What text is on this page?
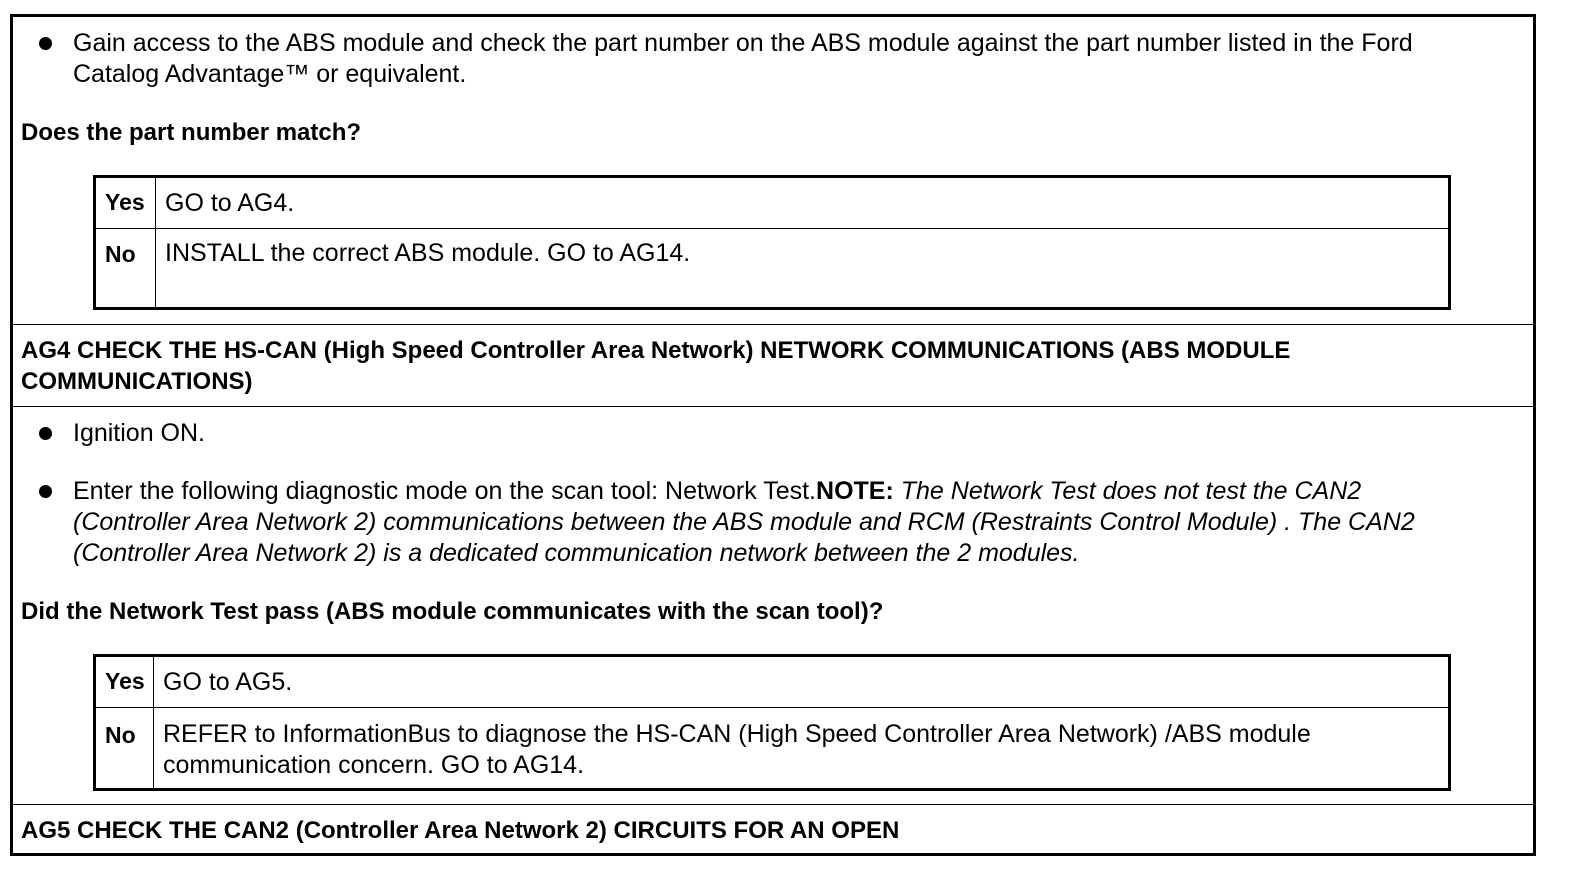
Gain access to the ABS module and check the part number on the ABS module against the part number listed in the Ford
Catalog Advantage™ or equivalent.
Does the part number match?
Yes GO to AG4.
No INSTALL the correct ABS module. GO to AG14.
AG4 CHECK THE HS-CAN (High Speed Controller Area Network) NETWORK COMMUNICATIONS (ABS MODULE
COMMUNICATIONS)
Ignition ON.
Enter the following diagnostic mode on the scan tool: Network Test.NOTE: The Network Test does not test the CAN2
(Controller Area Network 2) communications between the ABS module and RCM (Restraints Control Module) . The CAN2
(Controller Area Network 2) is a dedicated communication network between the 2 modules.
Did the Network Test pass (ABS module communicates with the scan tool)?
Yes GO to AG5.
No REFER to InformationBus to diagnose the HS-CAN (High Speed Controller Area Network) /ABS module
communication concern. GO to AG14.
AG5 CHECK THE CAN2 (Controller Area Network 2) CIRCUITS FOR AN OPEN
